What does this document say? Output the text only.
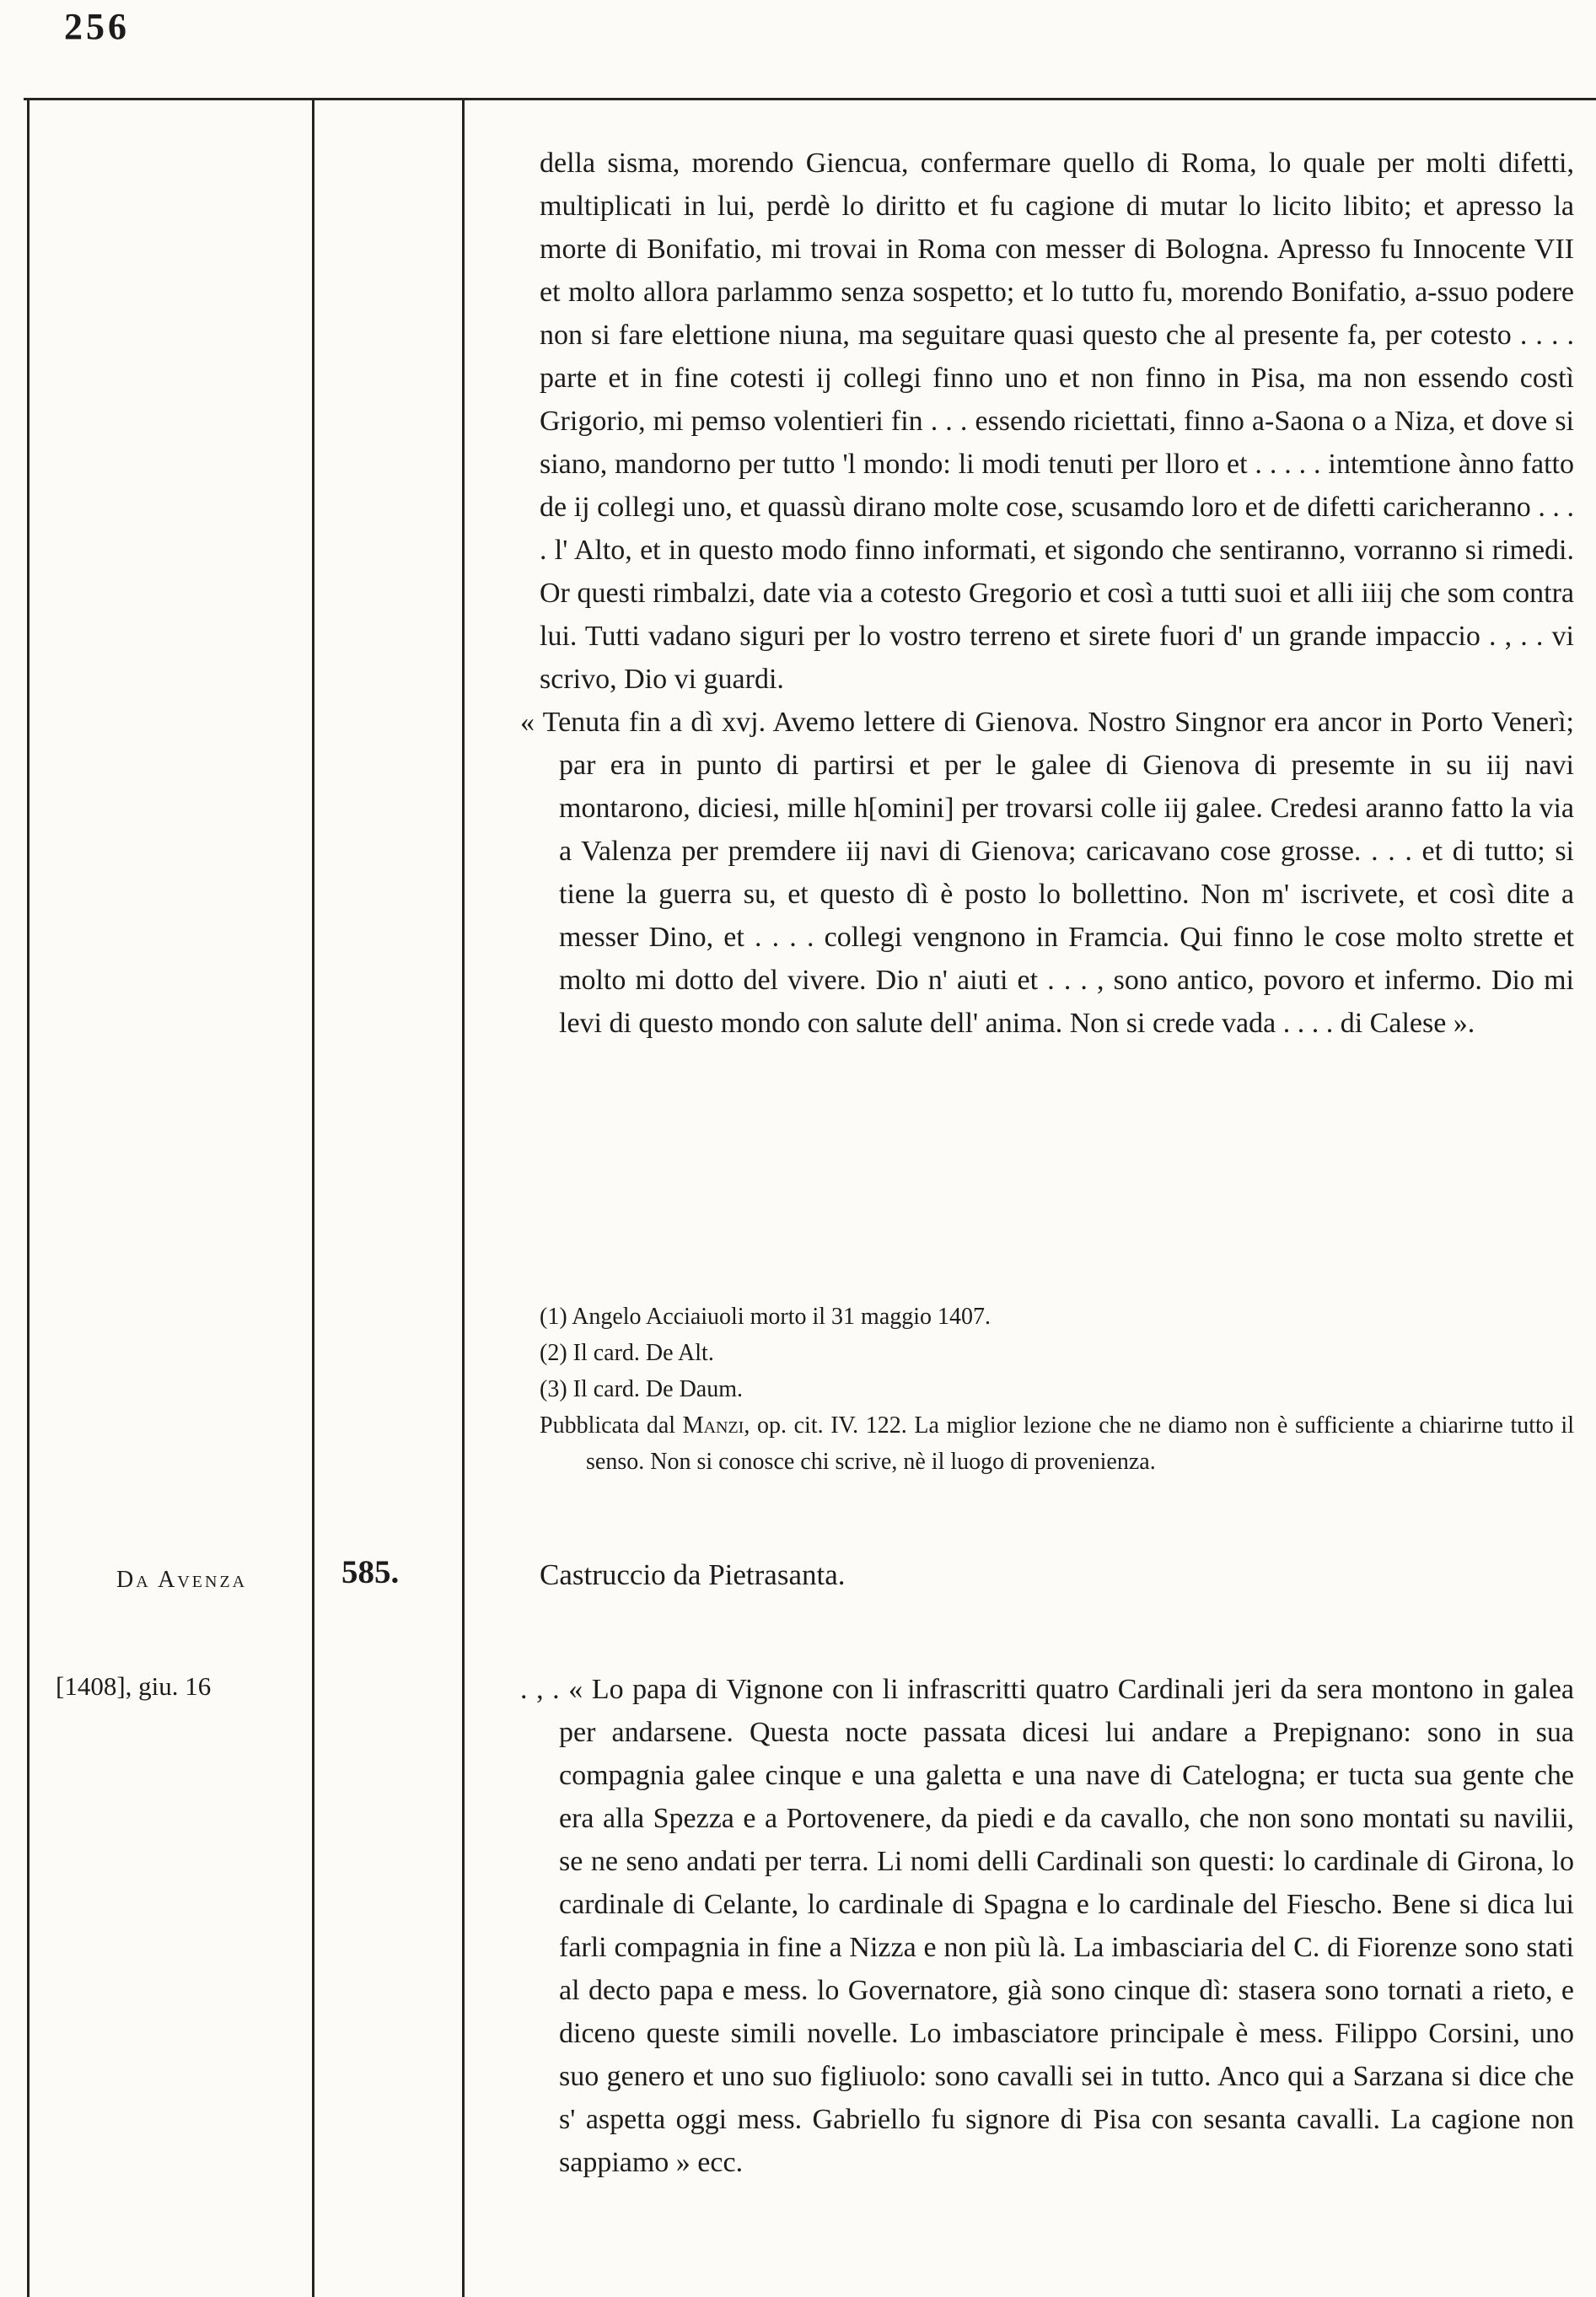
256

della sisma, morendo Giencua, confermare quello di Roma, lo quale per molti difetti, multiplicati in lui, perdè lo diritto et fu cagione di mutar lo licito libito; et apresso la morte di Bonifatio, mi trovai in Roma con messer di Bologna. Apresso fu Innocente VII et molto allora parlammo senza sospetto; et lo tutto fu, morendo Bonifatio, a-ssuo podere non si fare elettione niuna, ma seguitare quasi questo che al presente fa, per cotesto . . . . parte et in fine cotesti ij collegi finno uno et non finno in Pisa, ma non essendo costì Grigorio, mi pemso volentieri fin . . . essendo riciettati, finno a-Saona o a Niza, et dove si siano, mandorno per tutto 'l mondo: li modi tenuti per lloro et . . . . . intemtione ànno fatto de ij collegi uno, et quassù dirano molte cose, scusamdo loro et de difetti caricheranno . . . . l' Alto, et in questo modo finno informati, et sigondo che sentiranno, vorranno si rimedi. Or questi rimbalzi, date via a cotesto Gregorio et così a tutti suoi et alli iiij che som contra lui. Tutti vadano siguri per lo vostro terreno et sirete fuori d' un grande impaccio . , . . vi scrivo, Dio vi guardi.

« Tenuta fin a dì xvj. Avemo lettere di Gienova. Nostro Singnor era ancor in Porto Venerì; par era in punto di partirsi et per le galee di Gienova di presemte in su iij navi montarono, diciesi, mille h[omini] per trovarsi colle iij galee. Credesi aranno fatto la via a Valenza per premdere iij navi di Gienova; caricavano cose grosse. . . . et di tutto; si tiene la guerra su, et questo dì è posto lo bollettino. Non m' iscrivete, et così dite a messer Dino, et . . . . collegi vengnono in Framcia. Qui finno le cose molto strette et molto mi dotto del vivere. Dio n' aiuti et . . . , sono antico, povoro et infermo. Dio mi levi di questo mondo con salute dell' anima. Non si crede vada . . . . di Calese ».

(1) Angelo Acciaiuoli morto il 31 maggio 1407.

(2) Il card. De Alt.

(3) Il card. De Daum.

Pubblicata dal Manzi, op. cit. IV. 122. La miglior lezione che ne diamo non è sufficiente a chiarirne tutto il senso. Non si conosce chi scrive, nè il luogo di provenienza.

Da Avenza	585.	Castruccio da Pietrasanta.
[1408], giu. 16	. , . « Lo papa di Vignone con li infrascritti quatro Cardinali jeri da sera montono in galea per andarsene. Questa nocte passata dicesi lui andare a Prepignano: sono in sua compagnia galee cinque e una galetta e una nave di Catelogna; er tucta sua gente che era alla Spezza e a Portovenere, da piedi e da cavallo, che non sono montati su navilii, se ne seno andati per terra. Li nomi delli Cardinali son questi: lo cardinale di Girona, lo cardinale di Celante, lo cardinale di Spagna e lo cardinale del Fiescho. Bene si dica lui farli compagnia in fine a Nizza e non più là. La imbasciaria del C. di Fiorenze sono stati al decto papa e mess. lo Governatore, già sono cinque dì: stasera sono tornati a rieto, e diceno queste simili novelle. Lo imbasciatore principale è mess. Filippo Corsini, uno suo genero et uno suo figliuolo: sono cavalli sei in tutto. Anco qui a Sarzana si dice che s' aspetta oggi mess. Gabriello fu signore di Pisa con sesanta cavalli. La cagione non sappiamo » ecc.
